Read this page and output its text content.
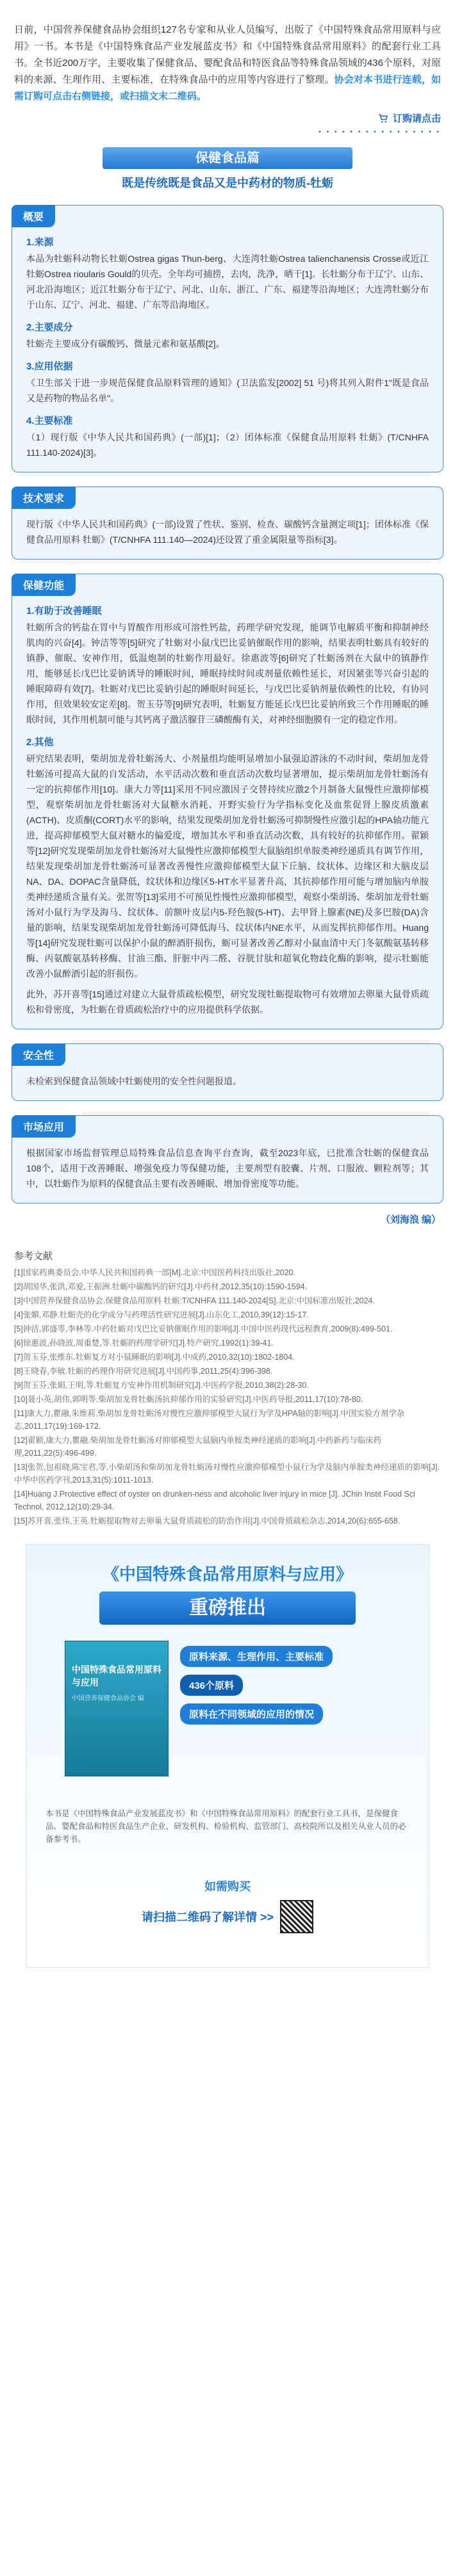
日前，中国营养保健食品协会组织127名专家和从业人员编写，出版了《中国特殊食品常用原料与应用》一书。本书是《中国特殊食品产业发展蓝皮书》和《中国特殊食品常用原料》的配套行业工具书。全书近200万字，主要收集了保健食品、婴配食品和特医食品等特殊食品领域的436个原料，对原料的来源、生理作用、主要标准，在特殊食品中的应用等内容进行了整理。协会对本书进行连载，如需订购可点击右侧链接，或扫描文末二维码。
订购请点击
• • • • • • • • • • • • • • • •
保健食品篇
既是传统既是食品又是中药材的物质-牡蛎
概要
1.来源

本品为牡蛎科动物长牡蛎Ostrea gigas Thun-berg、大连湾牡蛎Ostrea talienchanensis Crosse或近江牡蛎Ostrea rioularis Gould的贝壳。全年均可捕捞，去肉，洗净，晒干[1]。长牡蛎分布于辽宁、山东、河北沿海地区；近江牡蛎分布于辽宁、河北、山东、浙江、广东、福建等沿海地区；大连湾牡蛎分布于山东、辽宁、河北、福建、广东等沿海地区。

2.主要成分

牡蛎壳主要成分有碳酸钙、微量元素和氨基酸[2]。

3.应用依据

《卫生部关于进一步规范保健食品原料管理的通知》(卫法监发[2002] 51 号)将其列入附件1"既是食品又是药物的物品名单"。

4.主要标准

（1）现行版《中华人民共和国药典》(一部)[1]；（2）团体标准《保健食品用原料 牡蛎》(T/CNHFA 111.140-2024)[3]。

技术要求

现行版《中华人民共和国药典》(一部)设置了性状、鉴别、检查、碳酸钙含量测定项[1]；团体标准《保健食品用原料 牡蛎》(T/CNHFA 111.140—2024)还设置了重金属限量等指标[3]。

保健功能
1.有助于改善睡眠

牡蛎所含的钙盐在胃中与胃酸作用形成可溶性钙盐，药理学研究发现，能调节电解质平衡和抑制神经肌肉的兴奋[4]。钟洁等等[5]研究了牡蛎对小鼠戊巴比妥钠催眠作用的影响，结果表明牡蛎具有较好的镇静、催眠、安神作用，低温炮制的牡蛎作用最好。徐惠波等[6]研究了牡蛎汤剂在大鼠中的镇静作用，能够延长戊巴比妥钠诱导的睡眠时间，睡眠持续时间或剂量依赖性延长，对因紧张等兴奋引起的睡眠障碍有效[7]。牡蛎对戊巴比妥钠引起的睡眠时间延长，与戊巴比妥钠剂量依赖性的比较，有协同作用，但效果较安定差[8]。贺玉芬等[9]研究表明，牡蛎复方能延长戊巴比妥钠所致三个作用睡眠的睡眠时间，其作用机制可能与其钙离子激活腺苷三磷酸酶有关，对神经细胞膜有一定的稳定作用。

2.其他

研究结果表明，柴胡加龙骨牡蛎汤大、小剂量组均能明显增加小鼠强迫游泳的不动时间，柴胡加龙骨牡蛎汤可提高大鼠的自发活动，水平活动次数和垂直活动次数均显著增加，提示柴胡加龙骨牡蛎汤有一定的抗抑郁作用[10]。康大力等[11]采用不同应激因子交替持续应激2个月制备大鼠慢性应激抑郁模型，观察柴胡加龙骨牡蛎汤对大鼠糖水消耗、开野实验行为学指标变化及血浆促肾上腺皮质激素(ACTH)、皮质酮(CORT)水平的影响，结果发现柴胡加龙骨牡蛎汤可抑制慢性应激引起的HPA轴功能亢进，提高抑郁模型大鼠对糖水的偏爱度，增加其水平和垂直活动次数，具有较好的抗抑郁作用。翟颖等[12]研究发现柴胡加龙骨牡蛎汤对大鼠慢性应激抑郁模型大鼠脑组织单胺类神经递质具有调节作用，结果发现柴胡加龙骨牡蛎汤可显著改善慢性应激抑郁模型大鼠下丘脑、纹状体、边缘区和大脑皮层NA、DA、DOPAC含量降低，纹状体和边缘区5-HT水平显著升高，其抗抑郁作用可能与增加脑内单胺类神经递质含量有关。张贺等[13]采用不可预见性慢性应激抑郁模型，观察小柴胡汤、柴胡加龙骨牡蛎汤对小鼠行为学及海马、纹状体、前额叶皮层内5-羟色胺(5-HT)、去甲肾上腺素(NE)及多巴胺(DA)含量的影响，结果发现柴胡加龙骨牡蛎汤可降低海马、纹状体内NE水平，从而发挥抗抑郁作用。Huang等[14]研究发现牡蛎可以保护小鼠的醉酒肝损伤，蛎可显著改善乙醇对小鼠血清中天门冬氨酸氨基转移酶、丙氨酸氨基转移酶、甘油三酯、肝脏中丙二醛、谷胱甘肽和超氧化物歧化酶的影响，提示牡蛎能改善小鼠醉酒引起的肝损伤。

此外，苏开喜等[15]通过对建立大鼠骨质疏松模型，研究发现牡蛎提取物可有效增加去卵巢大鼠骨质疏松和骨密度，为牡蛎在骨质疏松治疗中的应用提供科学依据。

安全性

未检索到保健食品领域中牡蛎使用的安全性问题报道。

市场应用

根据国家市场监督管理总局特殊食品信息查询平台查询，截至2023年底，已批准含牡蛎的保健食品108个，适用于改善睡眠、增强免疫力等保健功能，主要剂型有胶囊、片剂、口服液、颗粒剂等；其中，以牡蛎作为原料的保健食品主要有改善睡眠、增加骨密度等功能。

（刘海浪 编）
参考文献
[1]国家药典委员会.中华人民共和国药典一部[M].北京:中国医药科技出版社,2020.
[2]胡国华,张洪,邓爱,王振洲.牡蛎中碳酸钙的研究[J].中药材,2012,35(10):1590-1594.
[3]中国营养保健食品协会.保健食品用原料 牡蛎:T/CNHFA 111.140-2024[S].北京:中国标准出版社,2024.
[4]张媚,邓静.牡蛎壳的化学成分与药理活性研究进展[J].山东化工,2010,39(12):15-17.
[5]钟洁,郭盛等,李林等.中药牡蛎对戊巴比妥钠催眠作用的影响[J].中国中医药现代远程教育,2009(8):499-501.
[6]徐惠波,孙晓波,周重楚,等.牡蛎的药理学研究[J].特产研究,1992(1):39-41.
[7]贺玉芬,张维东.牡蛎复方对小鼠睡眠的影响[J].中成药,2010,32(10):1802-1804.
[8]王晓春,李敏.牡蛎的药理作用研究进展[J].中国药事,2011,25(4):396-398.
[9]贺玉芬,张娟,王明,等.牡蛎复方安神作用机制研究[J].中医药学报,2010,38(2):28-30.
[10]聂小英,胡伟,郭明等.柴胡加龙骨牡蛎汤抗抑郁作用的实验研究[J].中医药导报,2011,17(10):78-80.
[11]康大力,瞿融,朱维莉.柴胡加龙骨牡蛎汤对慢性应激抑郁模型大鼠行为学及HPA轴的影响[J].中国实验方剂学杂志,2011,17(19):169-172.
[12]翟颖,康大力,瞿融.柴胡加龙骨牡蛎汤对抑郁模型大鼠脑内单胺类神经递质的影响[J].中药新药与临床药理,2011,22(5):496-499.
[13]张贺,包祖晓,陈宝君,等.小柴胡汤和柴胡加龙骨牡蛎汤对慢性应激抑郁模型小鼠行为学及脑内单胺类神经递质的影响[J].中华中医药学刊,2013,31(5):1011-1013.
[14]Huang J.Protective effect of oyster on drunken-ness and alcoholic liver injury in mice [J]. JChin Instit Food Sci Technol, 2012,12(10):29-34.
[15]苏开喜,张伟,王英.牡蛎提取物对去卵巢大鼠骨质疏松的防治作用[J].中国骨质疏松杂志,2014,20(6):655-658.
《中国特殊食品常用原料与应用》
重磅推出
中国特殊食品常用原料与应用
中国营养保健食品协会 编
原料来源、生理作用、主要标准
436个原料
原料在不同领域的应用的情况
本书是《中国特殊食品产业发展蓝皮书》和《中国特殊食品常用原料》的配套行业工具书，是保健食品、婴配食品和特医食品生产企业、研发机构、检验机构、监管部门、高校院所以及相关从业人员的必备参考书。
如需购买
请扫描二维码了解详情 >>
